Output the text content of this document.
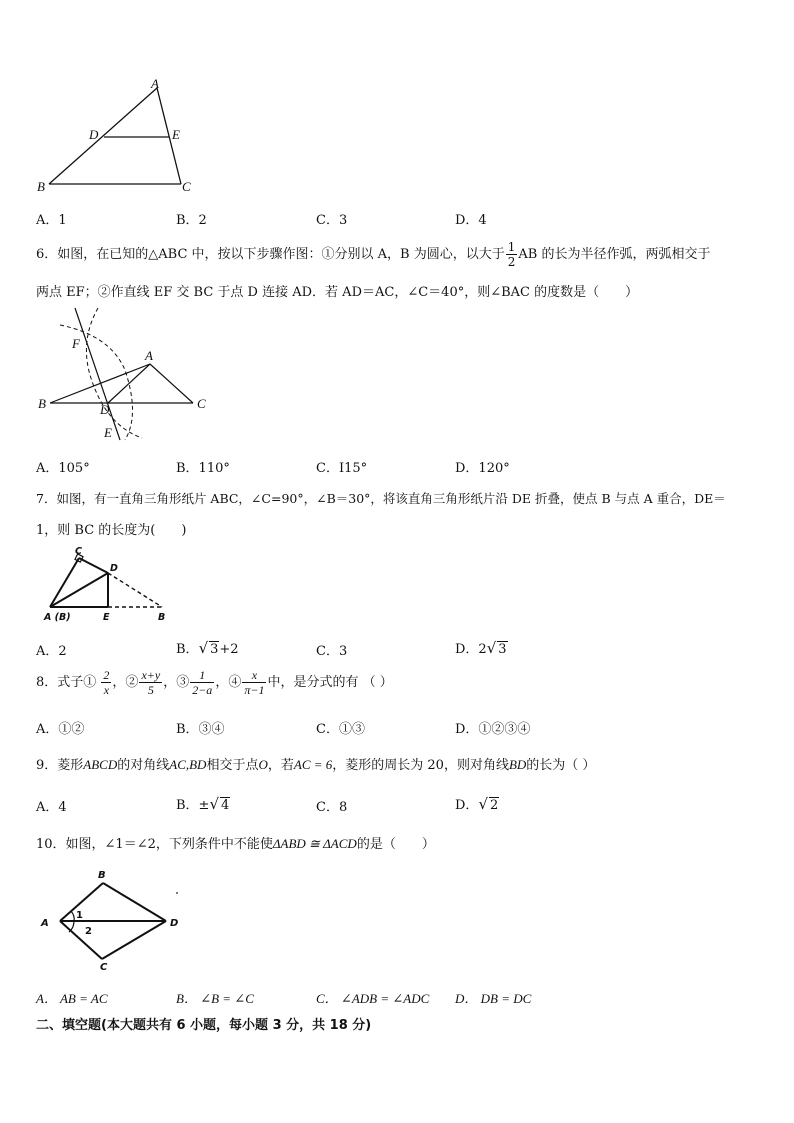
A
D	E
B	C
A．1	B．2	C．3	D．4
6．如图，在已知的△ABC 中，按以下步骤作图：①分别以 A，B 为圆心，以大于 $\frac{1}{2}$ AB 的长为半径作弧，两弧相交于
两点 EF；②作直线 EF 交 BC 于点 D 连接 AD．若 AD＝AC，∠C＝40°，则∠BAC 的度数是（　　）
F
A
B	C
D
E
A．105°	B．110°	C．I15°	D．120°
7．如图，有一直角三角形纸片 ABC，∠C=90°，∠B＝30°，将该直角三角形纸片沿 DE 折叠，使点 B 与点 A 重合，DE＝
1，则 BC 的长度为(　　)
C
D
A (B)	E	B
A．2	B．√ 3+2	C．3	D．2√ 3
8．式子① $\frac{2}{x}$ ，② $\frac{x+y}{5}$ ，③ $\frac{1}{2-a}$ ，④ $\frac{x}{\pi-1}$ 中，是分式的有 （ ）
A．①②	B．③④	C．①③	D．①②③④
9．菱形ABCD的对角线AC,BD相交于点O，若AC = 6，菱形的周长为 20，则对角线BD的长为（ ）
A．4	B．±√ 4	C．8	D．√ 2
10．如图，∠1＝∠2，下列条件中不能使ΔABD ≅ ΔACD的是（　　）
B
A	D
C
1
2
A． AB = AC	B． ∠B = ∠C	C． ∠ADB = ∠ADC D． DB = DC
二、填空题(本大题共有 6 小题，每小题 3 分，共 18 分)
